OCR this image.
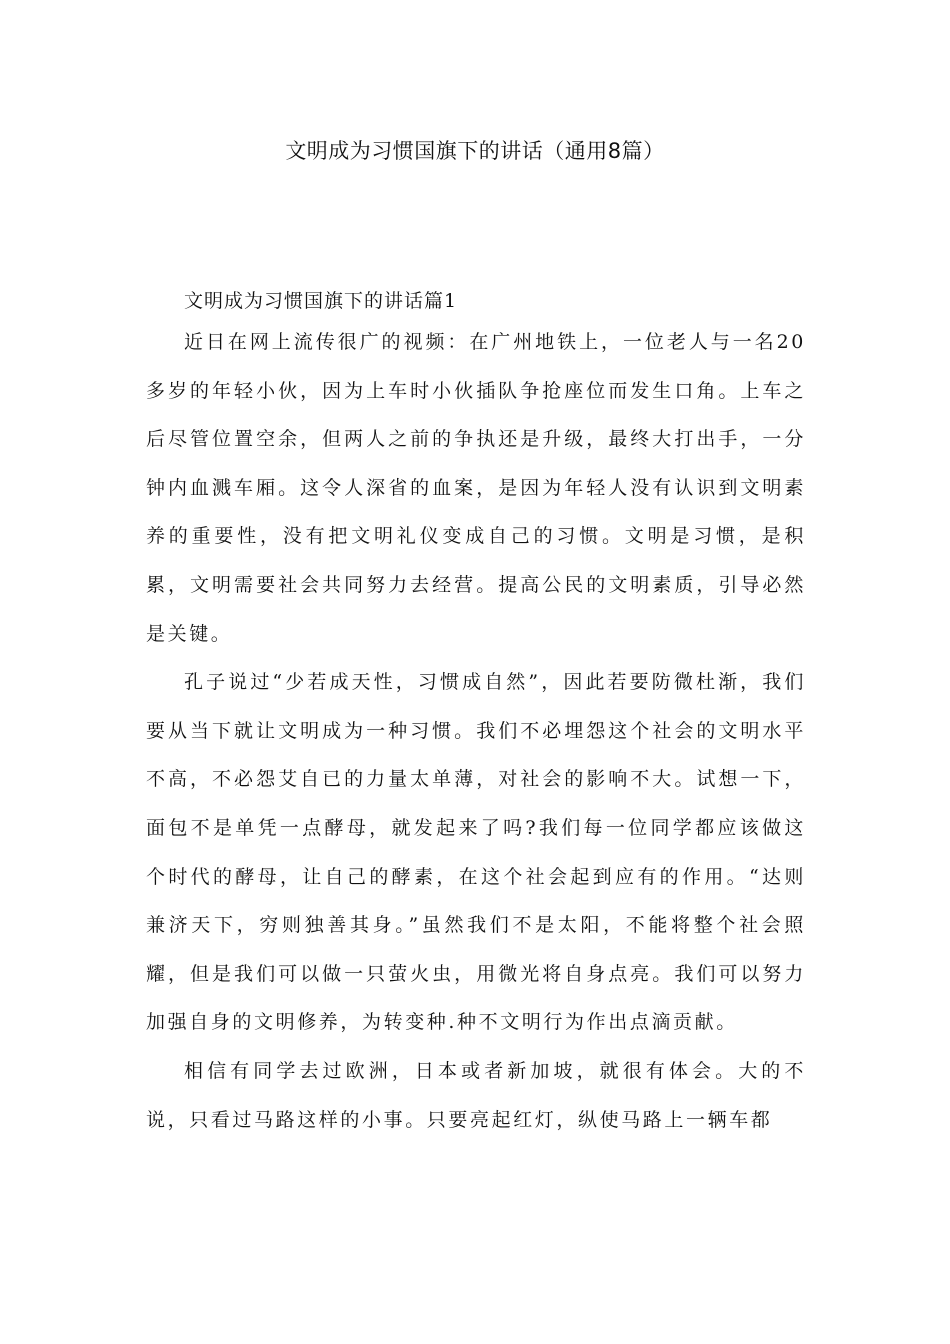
文明成为习惯国旗下的讲话（通用8篇）

文明成为习惯国旗下的讲话篇1

近日在网上流传很广的视频：在广州地铁上，一位老人与一名20多岁的年轻小伙，因为上车时小伙插队争抢座位而发生口角。上车之后尽管位置空余，但两人之前的争执还是升级，最终大打出手，一分钟内血溅车厢。这令人深省的血案，是因为年轻人没有认识到文明素养的重要性，没有把文明礼仪变成自己的习惯。文明是习惯，是积累，文明需要社会共同努力去经营。提高公民的文明素质，引导必然是关键。

孔子说过“少若成天性，习惯成自然”，因此若要防微杜渐，我们要从当下就让文明成为一种习惯。我们不必埋怨这个社会的文明水平不高，不必怨艾自已的力量太单薄，对社会的影响不大。试想一下，面包不是单凭一点酵母，就发起来了吗?我们每一位同学都应该做这个时代的酵母，让自己的酵素，在这个社会起到应有的作用。“达则兼济天下，穷则独善其身。”虽然我们不是太阳，不能将整个社会照耀，但是我们可以做一只萤火虫，用微光将自身点亮。我们可以努力加强自身的文明修养，为转变种.种不文明行为作出点滴贡献。

相信有同学去过欧洲，日本或者新加坡，就很有体会。大的不说，只看过马路这样的小事。只要亮起红灯，纵使马路上一辆车都
